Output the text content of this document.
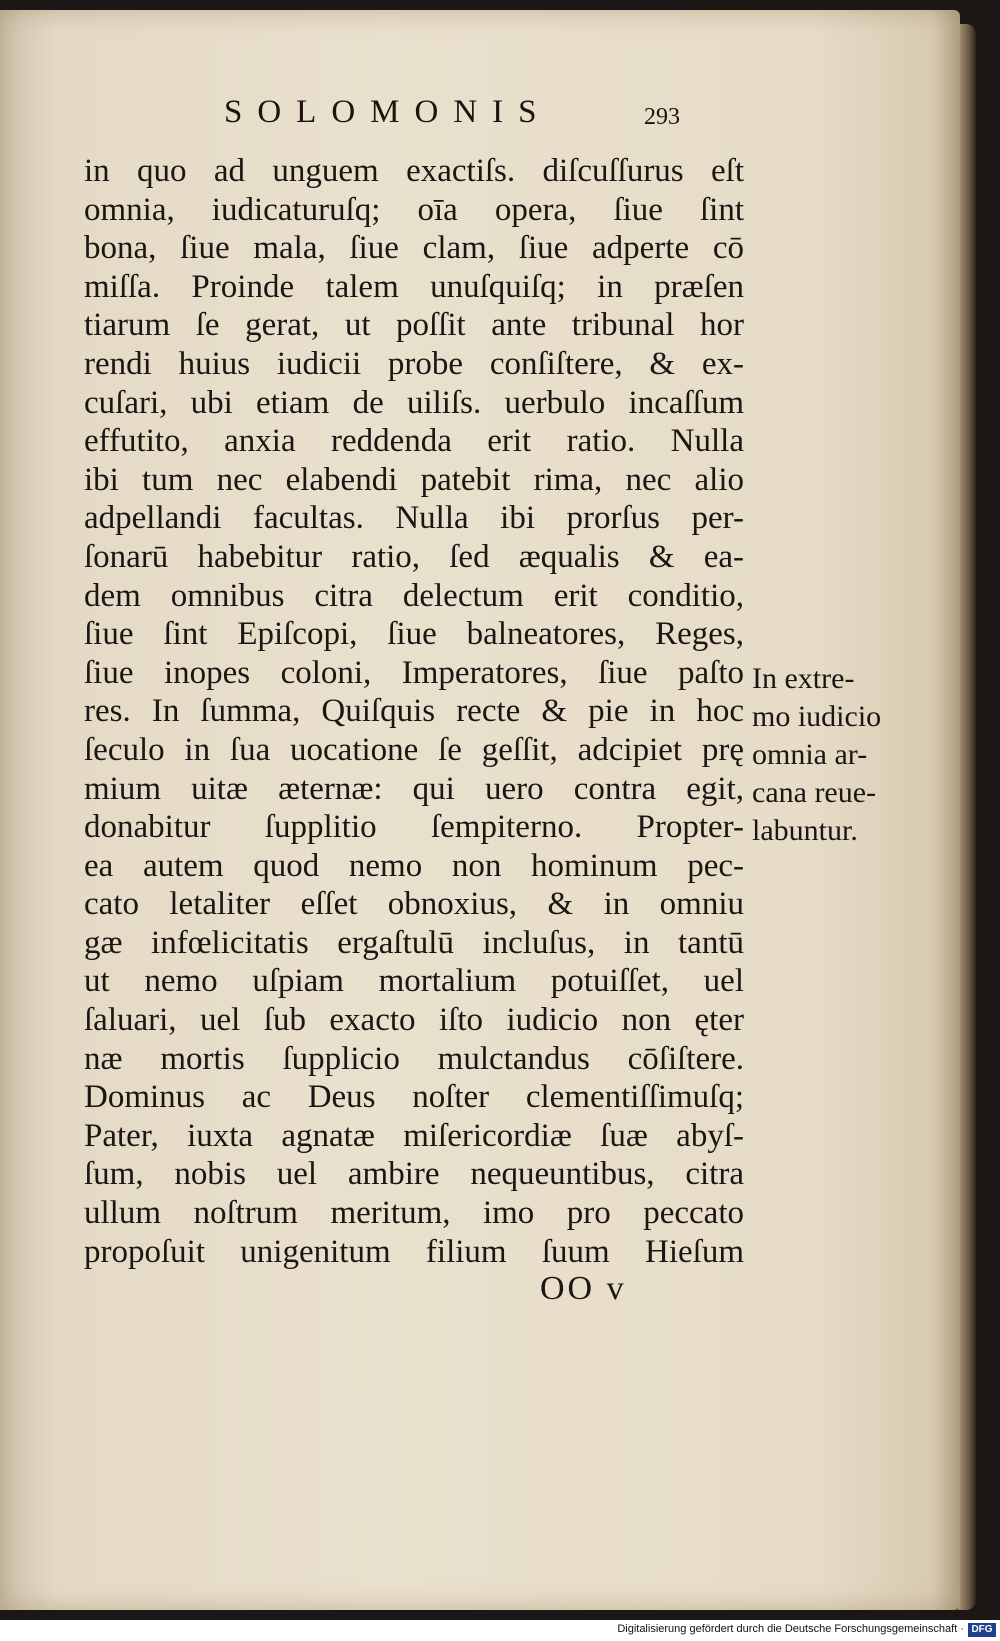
SOLOMONIS	293
in quo ad unguem exactiſs. diſcuſſurus eſt
omnia, iudicaturuſq; oīa opera, ſiue ſint
bona, ſiue mala, ſiue clam, ſiue adperte cō
miſſa. Proinde talem unuſquiſq; in præſen
tiarum ſe gerat, ut poſſit ante tribunal hor
rendi huius iudicii probe conſiſtere, & ex-
cuſari, ubi etiam de uiliſs. uerbulo incaſſum
effutito, anxia reddenda erit ratio. Nulla
ibi tum nec elabendi patebit rima, nec alio
adpellandi facultas. Nulla ibi prorſus per-
ſonarū habebitur ratio, ſed æqualis & ea-
dem omnibus citra delectum erit conditio,
ſiue ſint Epiſcopi, ſiue balneatores, Reges,
ſiue inopes coloni, Imperatores, ſiue paſto
res. In ſumma, Quiſquis recte & pie in hoc
ſeculo in ſua uocatione ſe geſſit, adcipiet prę
mium uitæ æternæ: qui uero contra egit,
donabitur ſupplitio ſempiterno. Propter-
ea autem quod nemo non hominum pec-
cato letaliter eſſet obnoxius, & in omniu
gæ infœlicitatis ergaſtulū incluſus, in tantū
ut nemo uſpiam mortalium potuiſſet, uel
ſaluari, uel ſub exacto iſto iudicio non ęter
næ mortis ſupplicio mulctandus cōſiſtere.
Dominus ac Deus noſter clementiſſimuſq;
Pater, iuxta agnatæ miſericordiæ ſuæ abyſ-
ſum, nobis uel ambire nequeuntibus, citra
ullum noſtrum meritum, imo pro peccato
propoſuit unigenitum filium ſuum Hieſum
In extre-
mo iudicio
omnia ar-
cana reue-
labuntur.
OO v
Digitalisierung gefördert durch die Deutsche Forschungsgemeinschaft · DFG
